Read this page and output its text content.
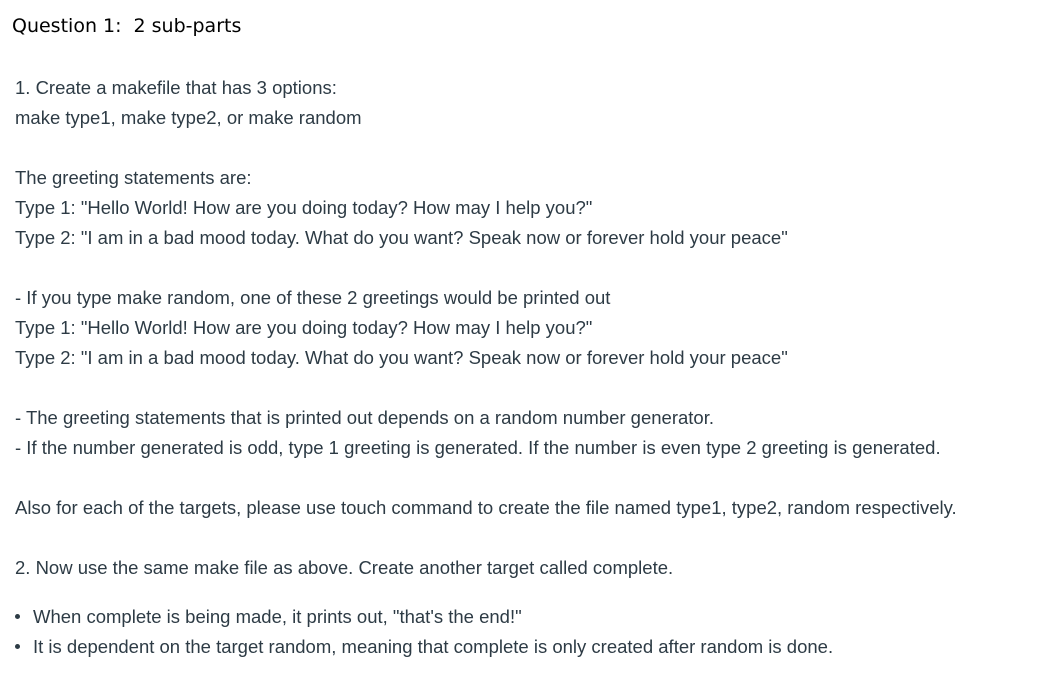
Question 1: 2 sub-parts
1. Create a makefile that has 3 options:
make type1, make type2, or make random
The greeting statements are:
Type 1: "Hello World! How are you doing today? How may I help you?"
Type 2: "I am in a bad mood today. What do you want? Speak now or forever hold your peace"
- If you type make random, one of these 2 greetings would be printed out
Type 1: "Hello World! How are you doing today? How may I help you?"
Type 2: "I am in a bad mood today. What do you want? Speak now or forever hold your peace"
- The greeting statements that is printed out depends on a random number generator.
- If the number generated is odd, type 1 greeting is generated. If the number is even type 2 greeting is generated.
Also for each of the targets, please use touch command to create the file named type1, type2, random respectively.
2. Now use the same make file as above. Create another target called complete.
When complete is being made, it prints out, "that's the end!"
It is dependent on the target random, meaning that complete is only created after random is done.
